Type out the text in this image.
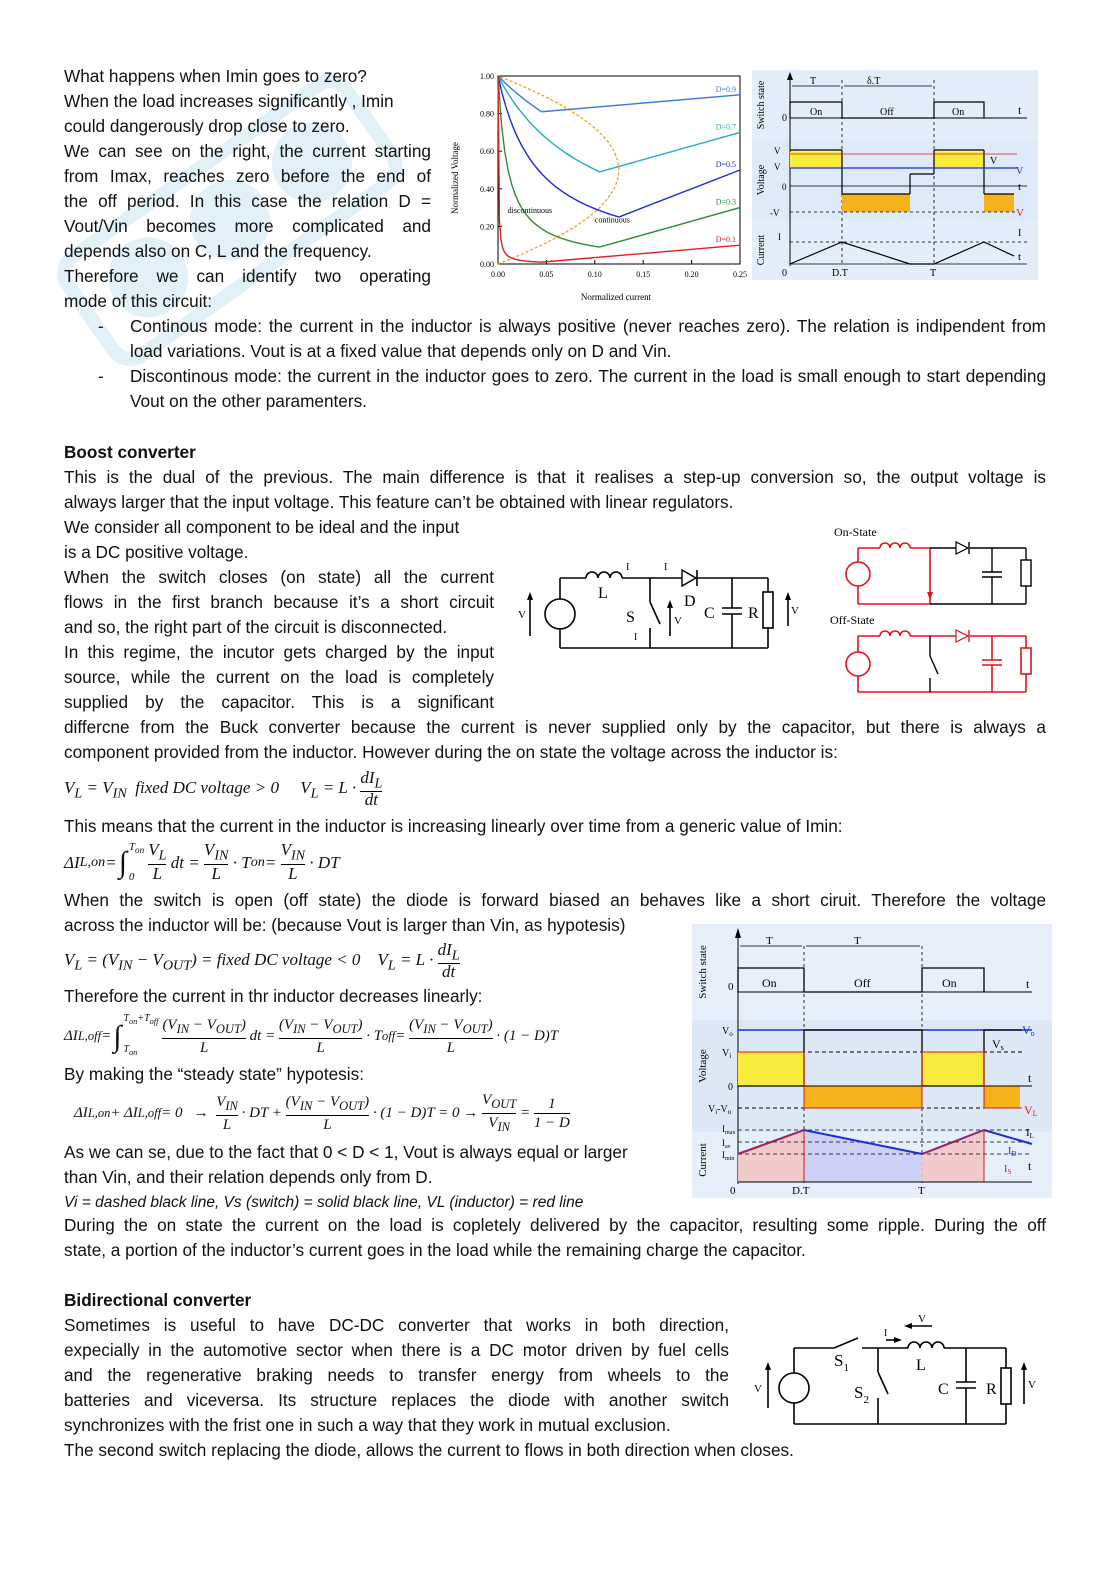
What happens when Imin goes to zero?
When the load increases significantly , Imin
could dangerously drop close to zero.
We can see on the right, the current starting
from Imax, reaches zero before the end of
the off period. In this case the relation D =
Vout/Vin becomes more complicated and
depends also on C, L and the frequency.
Therefore we can identify two operating
mode of this circuit:
- Continous mode: the current in the inductor is always positive (never reaches zero). The relation is indipendent from load variations. Vout is at a fixed value that depends only on D and Vin.
- Discontinous mode: the current in the inductor goes to zero. The current in the load is small enough to start depending Vout on the other paramenters.
Normalized Voltage
Normalized current
0.00	0.05	0.10	0.15	0.20	0.25
0.00
0.20
0.40
0.60
0.80
1.00
D=0.9
D=0.7
D=0.5
D=0.3
D=0.1
discontinuous
continuous
Switch state
Voltage
Current
On	Off	On
0
t
T	δ.T
V
V
0
-V
V
V
t
V
I	I
t
0	D.T	T
Boost converter
This is the dual of the previous. The main difference is that it realises a step-up conversion so, the output voltage is
always larger that the input voltage. This feature can’t be obtained with linear regulators.
We consider all component to be ideal and the input
is a DC positive voltage.
When the switch closes (on state) all the current
flows in the first branch because it’s a short circuit
and so, the right part of the circuit is disconnected.
In this regime, the incutor gets charged by the input
source, while the current on the load is completely
supplied by the capacitor. This is a significant
L	D
S	C R
V	V
V
I	I
I
On-State
Off-State
differcne from the Buck converter because the current is never supplied only by the capacitor, but there is always a
component provided from the inductor. However during the on state the voltage across the inductor is:
$V_L = V_{IN}$  fixed DC voltage > 0     $V_L = L$ ·
$dI_L$
dt
This means that the current in the inductor is increasing linearly over time from a generic value of Imin:
ΔI L,on = ∫ $T_{on}$
0
$V_L$
L
dt =
$V_{IN}$
L
· T on =
$V_{IN}$
L
· DT
When the switch is open (off state) the diode is forward biased an behaves like a short ciruit. Therefore the voltage
across the inductor will be: (because Vout is larger than Vin, as hypotesis)
$V_L = (V_{IN} - V_{OUT})$ = fixed DC voltage < 0    $V_L = L$ ·
$dI_L$
dt
Therefore the current in thr inductor decreases linearly:
ΔI L,off = ∫
$T_{on}+T_{off}$
$T_{on}$
$(V_{IN} - V_{OUT})$
L
dt =
$(V_{IN} - V_{OUT})$
L
· T off =
$(V_{IN} - V_{OUT})$
L
· (1 − D)T
By making the “steady state” hypotesis:
ΔI L,on + ΔI L,off = 0   →
$V_{IN}$
L
· DT +
$(V_{IN} - V_{OUT})$
L
· (1 − D)T = 0 →
$V_{OUT}$
$V_{IN}$
=
1
1 − D
As we can se, due to the fact that 0 < D < 1, Vout is always equal or larger
than Vin, and their relation depends only from D.
Vi = dashed black line, Vs (switch) = solid black line, VL (inductor) = red line
Switch state
Voltage
Current
T	T
On	Off	On
0	t
$V_o$
$V_i$
0
$V_i-V_o$
Vo
Vs
t
VL
$I_{max}$
$I_{av}$
$I_{min}$
IL
$I_D$
$I_S$ t
0	D.T	T
During the on state the current on the load is copletely delivered by the capacitor, resulting some ripple. During the off
state, a portion of the inductor’s current goes in the load while the remaining charge the capacitor.
Bidirectional converter
Sometimes is useful to have DC-DC converter that works in both direction,
expecially in the automotive sector when there is a DC motor driven by fuel cells
and the regenerative braking needs to transfer energy from wheels to the
batteries and viceversa. Its structure replaces the diode with another switch
synchronizes with the frist one in such a way that they work in mutual exclusion.
The second switch replacing the diode, allows the current to flows in both direction when closes.
$S_1$
$S_2$
L
C R
V	V
V
I
